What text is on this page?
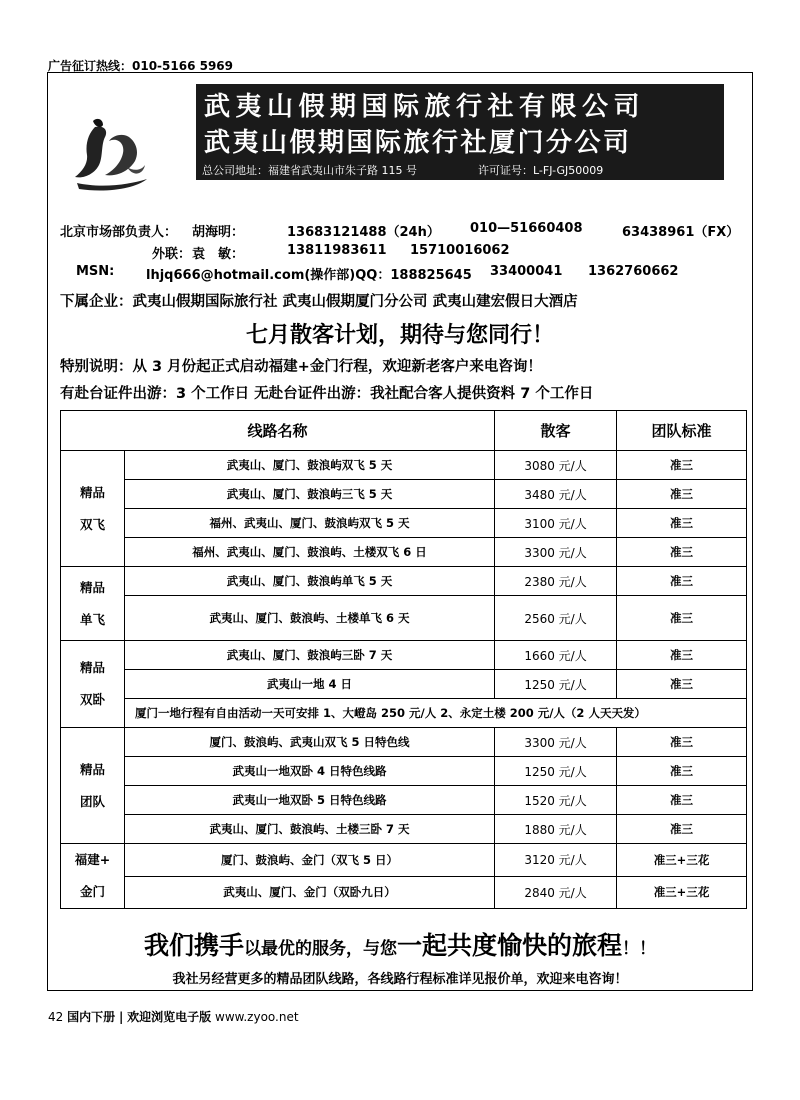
广告征订热线：010-5166 5969
武夷山假期国际旅行社有限公司
武夷山假期国际旅行社厦门分公司
总公司地址：福建省武夷山市朱子路 115 号	许可证号：L-FJ-GJ50009
北京市场部负责人： 胡海明：	13683121488（24h） 010—51660408	63438961（FX）
外联： 袁　敏：	13811983611 15710016062
MSN: lhjq666@hotmail.com(操作部)QQ：188825645 33400041 1362760662
下属企业：武夷山假期国际旅行社 武夷山假期厦门分公司 武夷山建宏假日大酒店
七月散客计划，期待与您同行！
特别说明：从 3 月份起正式启动福建+金门行程，欢迎新老客户来电咨询！
有赴台证件出游：3 个工作日 无赴台证件出游：我社配合客人提供资料 7 个工作日
线路名称		散客	团队标准
精品
双飞	武夷山、厦门、鼓浪屿双飞 5 天	3080 元/人	准三
	武夷山、厦门、鼓浪屿三飞 5 天	3480 元/人	准三
	福州、武夷山、厦门、鼓浪屿双飞 5 天	3100 元/人	准三
	福州、武夷山、厦门、鼓浪屿、土楼双飞 6 日	3300 元/人	准三
精品
单飞	武夷山、厦门、鼓浪屿单飞 5 天	2380 元/人	准三
	武夷山、厦门、鼓浪屿、土楼单飞 6 天	2560 元/人	准三
精品
双卧	武夷山、厦门、鼓浪屿三卧 7 天	1660 元/人	准三
	武夷山一地 4 日	1250 元/人	准三
	厦门一地行程有自由活动一天可安排 1、大嶝岛 250 元/人 2、永定土楼 200 元/人（2 人天天发）		
精品
团队	厦门、鼓浪屿、武夷山双飞 5 日特色线	3300 元/人	准三
	武夷山一地双卧 4 日特色线路	1250 元/人	准三
	武夷山一地双卧 5 日特色线路	1520 元/人	准三
	武夷山、厦门、鼓浪屿、土楼三卧 7 天	1880 元/人	准三
福建+
金门	厦门、鼓浪屿、金门（双飞 5 日）	3120 元/人	准三+三花
	武夷山、厦门、金门（双卧九日）	2840 元/人	准三+三花
我们携手以最优的服务，与您一起共度愉快的旅程！！
我社另经营更多的精品团队线路，各线路行程标准详见报价单，欢迎来电咨询！
42 国内下册 | 欢迎浏览电子版 www.zyoo.net
